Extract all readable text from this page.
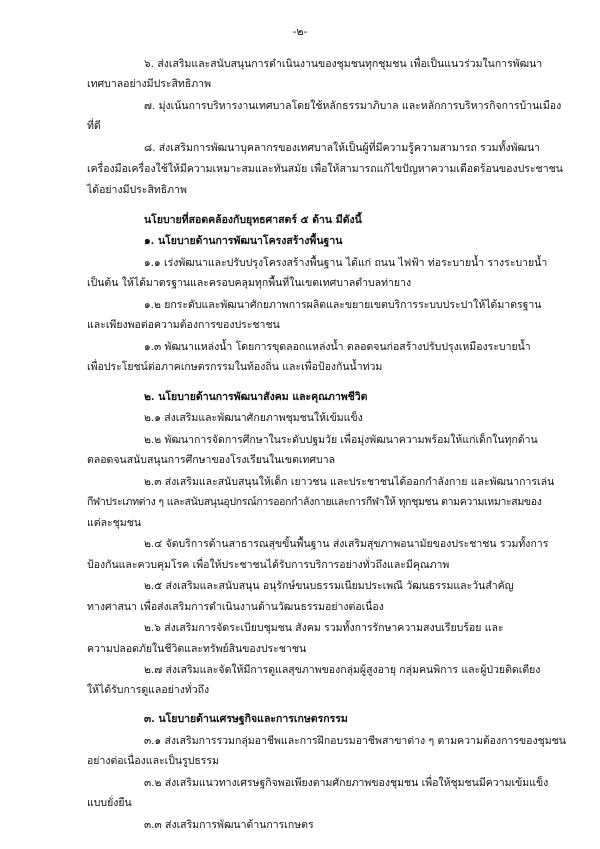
-๒-
๖. ส่งเสริมและสนับสนุนการดำเนินงานของชุมชนทุกชุมชน เพื่อเป็นแนวร่วมในการพัฒนา
เทศบาลอย่างมีประสิทธิภาพ
๗. มุ่งเน้นการบริหารงานเทศบาลโดยใช้หลักธรรมาภิบาล และหลักการบริหารกิจการบ้านเมือง
ที่ดี
๘. ส่งเสริมการพัฒนาบุคลากรของเทศบาลให้เป็นผู้ที่มีความรู้ความสามารถ รวมทั้งพัฒนา
เครื่องมือเครื่องใช้ให้มีความเหมาะสมและทันสมัย เพื่อให้สามารถแก้ไขปัญหาความเดือดร้อนของประชาชน
ได้อย่างมีประสิทธิภาพ
นโยบายที่สอดคล้องกับยุทธศาสตร์ ๕ ด้าน มีดังนี้
๑. นโยบายด้านการพัฒนาโครงสร้างพื้นฐาน
๑.๑ เร่งพัฒนาและปรับปรุงโครงสร้างพื้นฐาน ได้แก่ ถนน ไฟฟ้า ท่อระบายน้ำ รางระบายน้ำ
เป็นต้น ให้ได้มาตรฐานและครอบคลุมทุกพื้นที่ในเขตเทศบาลตำบลท่ายาง
๑.๒ ยกระดับและพัฒนาศักยภาพการผลิตและขยายเขตบริการระบบประปาให้ได้มาตรฐาน
และเพียงพอต่อความต้องการของประชาชน
๑.๓ พัฒนาแหล่งน้ำ โดยการขุดลอกแหล่งน้ำ ตลอดจนก่อสร้างปรับปรุงเหมืองระบายน้ำ
เพื่อประโยชน์ต่อภาคเกษตรกรรมในท้องถิ่น และเพื่อป้องกันน้ำท่วม
๒. นโยบายด้านการพัฒนาสังคม และคุณภาพชีวิต
๒.๑ ส่งเสริมและพัฒนาศักยภาพชุมชนให้เข้มแข็ง
๒.๒ พัฒนาการจัดการศึกษาในระดับปฐมวัย เพื่อมุ่งพัฒนาความพร้อมให้แก่เด็กในทุกด้าน
ตลอดจนสนับสนุนการศึกษาของโรงเรียนในเขตเทศบาล
๒.๓ ส่งเสริมและสนับสนุนให้เด็ก เยาวชน และประชาชนได้ออกกำลังกาย และพัฒนาการเล่น
กีฬาประเภทต่าง ๆ และสนับสนุนอุปกรณ์การออกกำลังกายและการกีฬาให้ ทุกชุมชน ตามความเหมาะสมของ
แต่ละชุมชน
๒.๔ จัดบริการด้านสาธารณสุขขั้นพื้นฐาน ส่งเสริมสุขภาพอนามัยของประชาชน รวมทั้งการ
ป้องกันและควบคุมโรค เพื่อให้ประชาชนได้รับการบริการอย่างทั่วถึงและมีคุณภาพ
๒.๕ ส่งเสริมและสนับสนุน อนุรักษ์ขนบธรรมเนียมประเพณี วัฒนธรรมและวันสำคัญ
ทางศาสนา เพื่อส่งเสริมการดำเนินงานด้านวัฒนธรรมอย่างต่อเนื่อง
๒.๖ ส่งเสริมการจัดระเบียบชุมชน สังคม รวมทั้งการรักษาความสงบเรียบร้อย และ
ความปลอดภัยในชีวิตและทรัพย์สินของประชาชน
๒.๗ ส่งเสริมและจัดให้มีการดูแลสุขภาพของกลุ่มผู้สูงอายุ กลุ่มคนพิการ และผู้ป่วยติดเตียง
ให้ได้รับการดูแลอย่างทั่วถึง
๓. นโยบายด้านเศรษฐกิจและการเกษตรกรรม
๓.๑ ส่งเสริมการรวมกลุ่มอาชีพและการฝึกอบรมอาชีพสาขาต่าง ๆ ตามความต้องการของชุมชน
อย่างต่อเนื่องและเป็นรูปธรรม
๓.๒ ส่งเสริมแนวทางเศรษฐกิจพอเพียงตามศักยภาพของชุมชน เพื่อให้ชุมชนมีความเข้มแข็ง
แบบยั่งยืน
๓.๓ ส่งเสริมการพัฒนาด้านการเกษตร
